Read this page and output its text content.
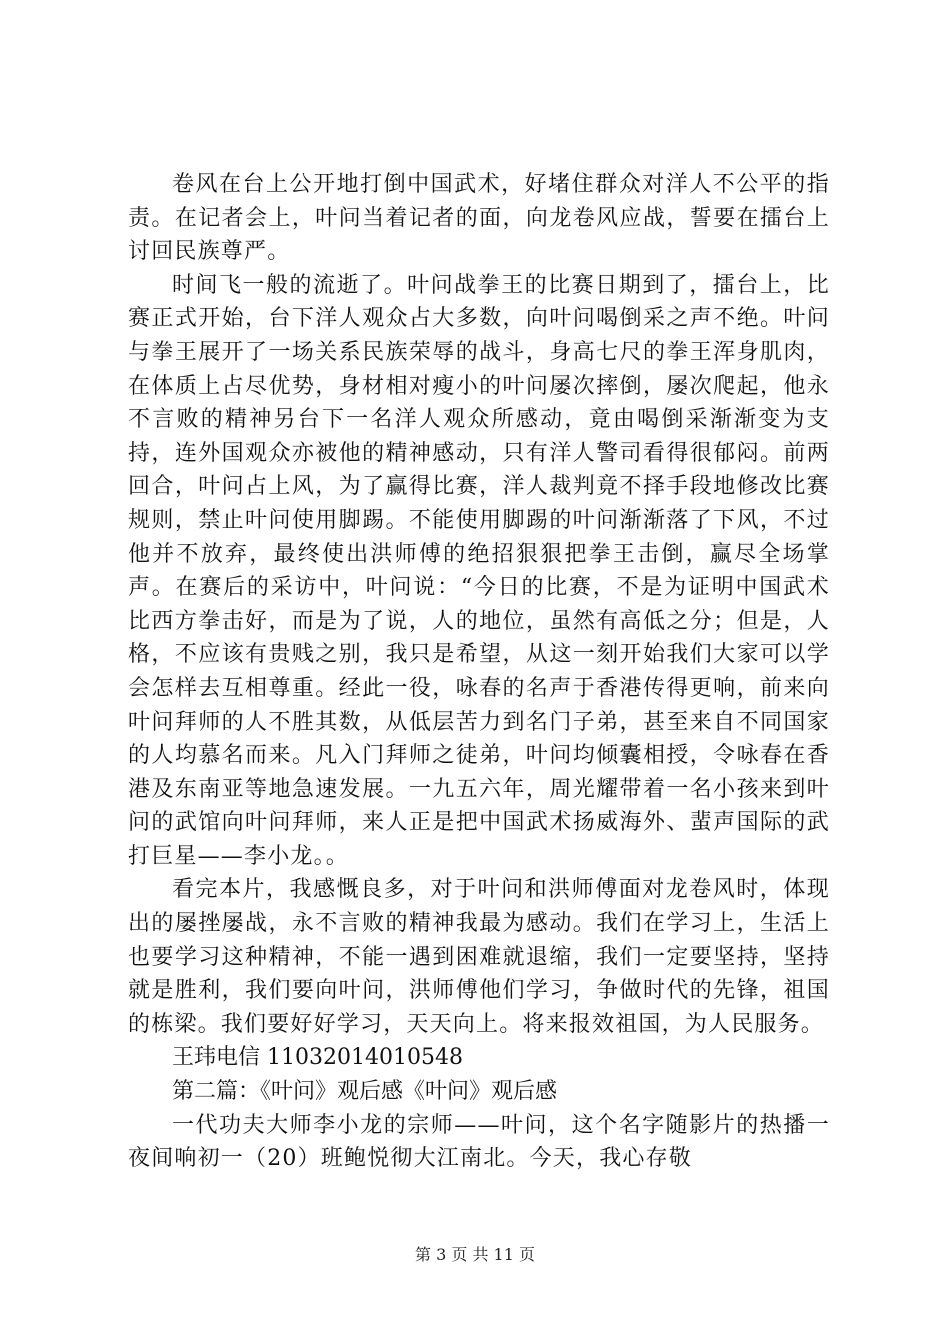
卷风在台上公开地打倒中国武术，好堵住群众对洋人不公平的指责。在记者会上，叶问当着记者的面，向龙卷风应战，誓要在擂台上讨回民族尊严。

时间飞一般的流逝了。叶问战拳王的比赛日期到了，擂台上，比赛正式开始，台下洋人观众占大多数，向叶问喝倒采之声不绝。叶问与拳王展开了一场关系民族荣辱的战斗，身高七尺的拳王浑身肌肉，在体质上占尽优势，身材相对瘦小的叶问屡次摔倒，屡次爬起，他永不言败的精神另台下一名洋人观众所感动，竟由喝倒采渐渐变为支持，连外国观众亦被他的精神感动，只有洋人警司看得很郁闷。前两回合，叶问占上风，为了赢得比赛，洋人裁判竟不择手段地修改比赛规则，禁止叶问使用脚踢。不能使用脚踢的叶问渐渐落了下风，不过他并不放弃，最终使出洪师傅的绝招狠狠把拳王击倒，赢尽全场掌声。在赛后的采访中，叶问说：“今日的比赛，不是为证明中国武术比西方拳击好，而是为了说，人的地位，虽然有高低之分；但是，人格，不应该有贵贱之别，我只是希望，从这一刻开始我们大家可以学会怎样去互相尊重。经此一役，咏春的名声于香港传得更响，前来向叶问拜师的人不胜其数，从低层苦力到名门子弟，甚至来自不同国家的人均慕名而来。凡入门拜师之徒弟，叶问均倾囊相授，令咏春在香港及东南亚等地急速发展。一九五六年，周光耀带着一名小孩来到叶问的武馆向叶问拜师，来人正是把中国武术扬威海外、蜚声国际的武打巨星——李小龙。。

看完本片，我感慨良多，对于叶问和洪师傅面对龙卷风时，体现出的屡挫屡战，永不言败的精神我最为感动。我们在学习上，生活上也要学习这种精神，不能一遇到困难就退缩，我们一定要坚持，坚持就是胜利，我们要向叶问，洪师傅他们学习，争做时代的先锋，祖国的栋梁。我们要好好学习，天天向上。将来报效祖国，为人民服务。

王玮电信 11032014010548

第二篇：《叶问》观后感《叶问》观后感

一代功夫大师李小龙的宗师——叶问，这个名字随影片的热播一夜间响初一（20）班鲍悦彻大江南北。今天，我心存敬

第 3 页 共 11 页
